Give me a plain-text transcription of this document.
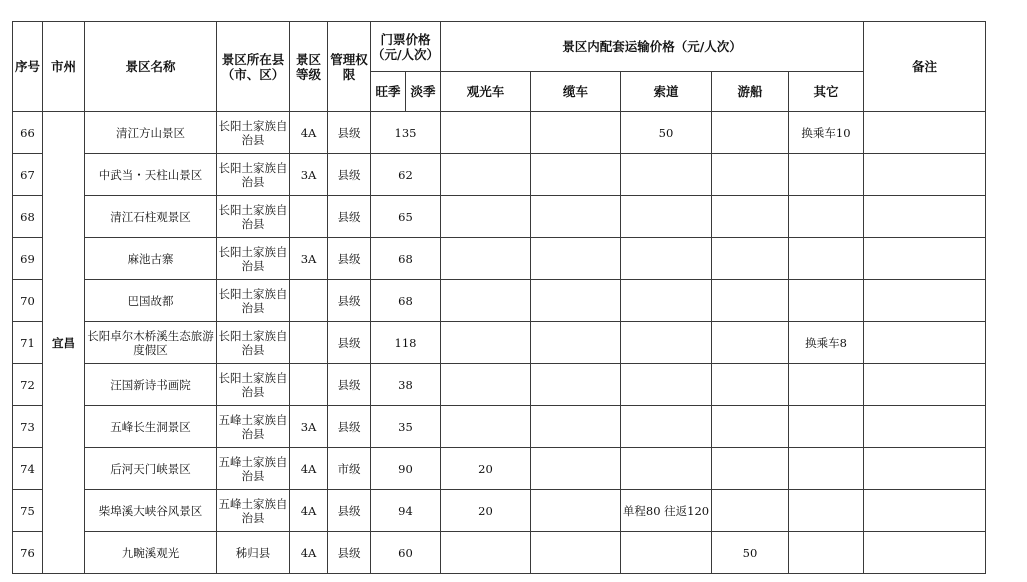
序号	市州	景区名称	景区所在县（市、区）	景区等级	管理权限	门票价格（元/人次）		景区内配套运输价格（元/人次）					备注
						旺季	淡季	观光车	缆车	索道	游船	其它	
66	宜昌	清江方山景区	长阳土家族自治县	4A	县级	135				50		换乘车10	
67		中武当・天柱山景区	长阳土家族自治县	3A	县级	62							
68		清江石柱观景区	长阳土家族自治县		县级	65							
69		麻池古寨	长阳土家族自治县	3A	县级	68							
70		巴国故都	长阳土家族自治县		县级	68							
71		长阳卓尔木桥溪生态旅游度假区	长阳土家族自治县		县级	118						换乘车8	
72		汪国新诗书画院	长阳土家族自治县		县级	38							
73		五峰长生洞景区	五峰土家族自治县	3A	县级	35							
74		后河天门峡景区	五峰土家族自治县	4A	市级	90		20					
75		柴埠溪大峡谷风景区	五峰土家族自治县	4A	县级	94		20		单程80 往返120			
76		九畹溪观光	秭归县	4A	县级	60					50		
